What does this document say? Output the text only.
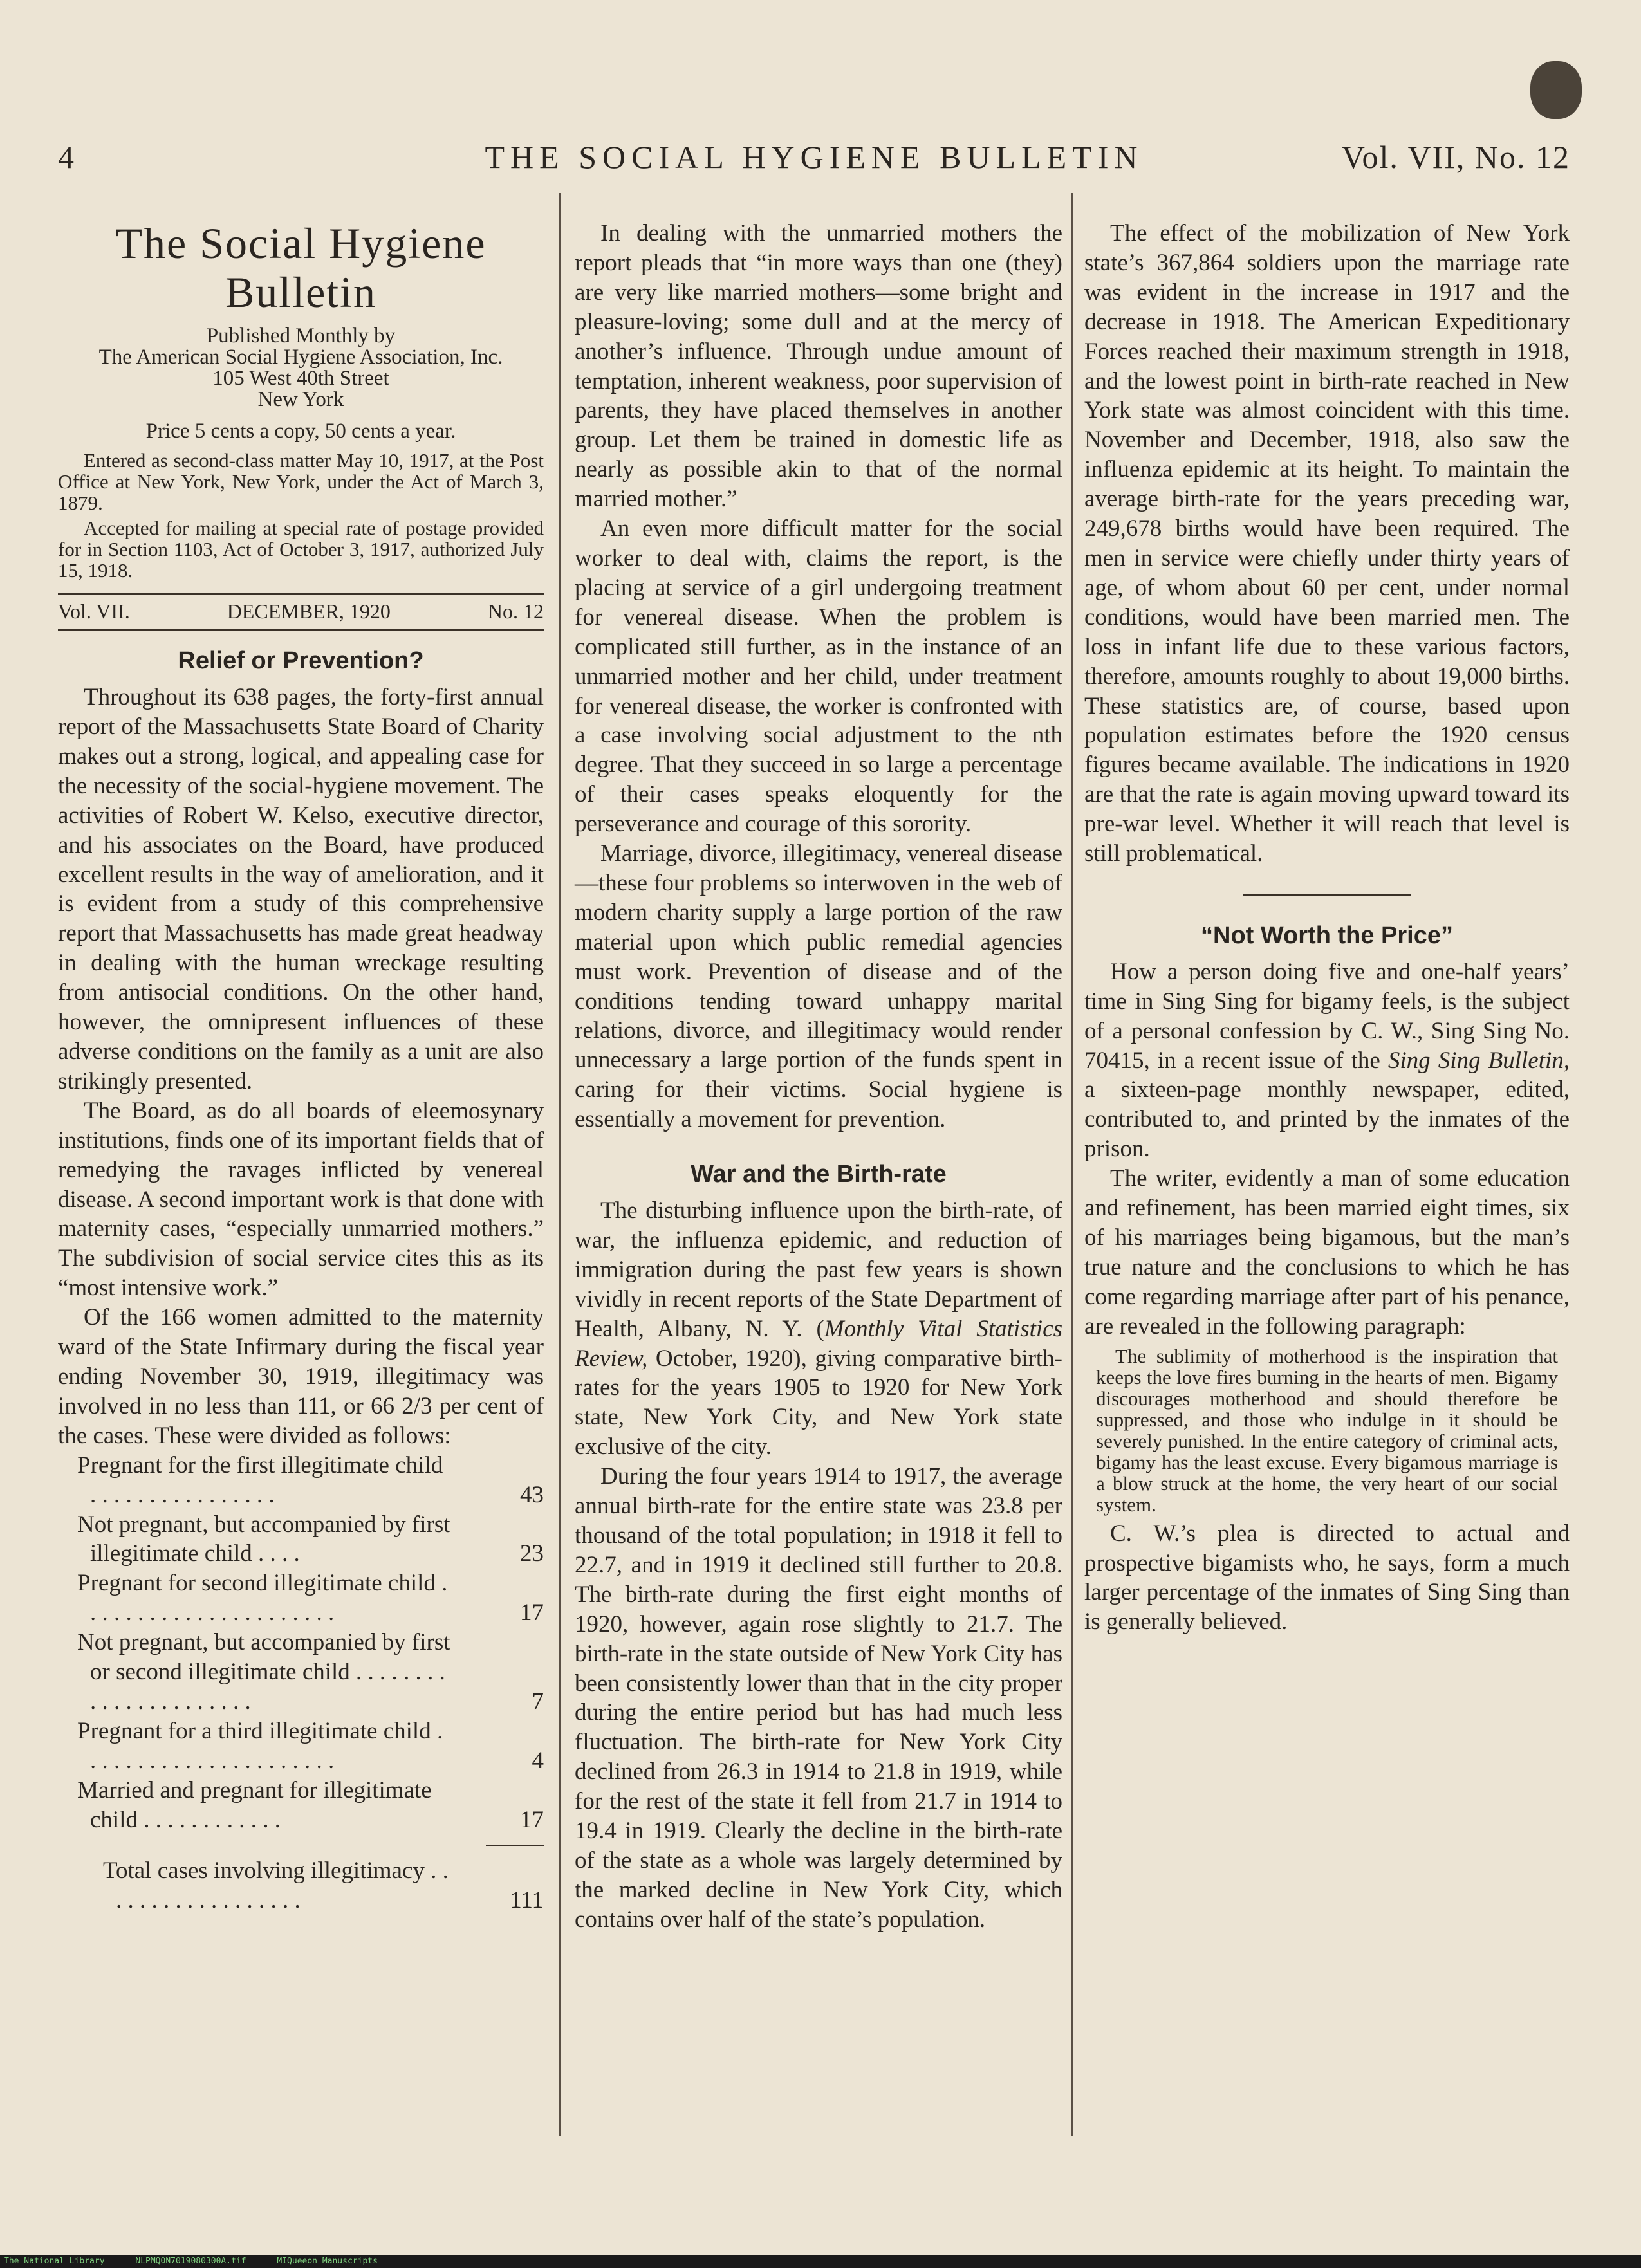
4	THE SOCIAL HYGIENE BULLETIN	Vol. VII, No. 12
The Social Hygiene
Bulletin
Published Monthly by
The American Social Hygiene Association, Inc.
105 West 40th Street
New York
Price 5 cents a copy, 50 cents a year.

Entered as second-class matter May 10, 1917, at the Post Office at New York, New York, under the Act of March 3, 1879.

Accepted for mailing at special rate of postage provided for in Section 1103, Act of October 3, 1917, authorized July 15, 1918.

Vol. VII.	DECEMBER, 1920	No. 12
Relief or Prevention?

Throughout its 638 pages, the forty-first annual report of the Massachusetts State Board of Charity makes out a strong, logical, and appealing case for the necessity of the social-hygiene movement. The activities of Robert W. Kelso, executive director, and his associates on the Board, have produced excellent results in the way of amelioration, and it is evident from a study of this comprehensive report that Massachusetts has made great headway in dealing with the human wreckage resulting from antisocial conditions. On the other hand, however, the omnipresent influences of these adverse conditions on the family as a unit are also strikingly presented.

The Board, as do all boards of eleemosynary institutions, finds one of its important fields that of remedying the ravages inflicted by venereal disease. A second important work is that done with maternity cases, “especially unmarried mothers.” The subdivision of social service cites this as its “most intensive work.”

Of the 166 women admitted to the maternity ward of the State Infirmary during the fiscal year ending November 30, 1919, illegitimacy was involved in no less than 111, or 66 2/3 per cent of the cases. These were divided as follows:

Pregnant for the first illegitimate child . . . . . . . . . . . . . . . .	43
Not pregnant, but accompanied by first illegitimate child . . . .	23
Pregnant for second illegitimate child . . . . . . . . . . . . . . . . . . . . . .	17
Not pregnant, but accompanied by first or second illegitimate child . . . . . . . . . . . . . . . . . . . . . .	7
Pregnant for a third illegitimate child . . . . . . . . . . . . . . . . . . . . . .	4
Married and pregnant for illegitimate child . . . . . . . . . . . .	17
Total cases involving illegitimacy . . . . . . . . . . . . . . . . . .	111

In dealing with the unmarried mothers the report pleads that “in more ways than one (they) are very like married mothers—some bright and pleasure-loving; some dull and at the mercy of another’s influence. Through undue amount of temptation, inherent weakness, poor supervision of parents, they have placed themselves in another group. Let them be trained in domestic life as nearly as possible akin to that of the normal married mother.”

An even more difficult matter for the social worker to deal with, claims the report, is the placing at service of a girl undergoing treatment for venereal disease. When the problem is complicated still further, as in the instance of an unmarried mother and her child, under treatment for venereal disease, the worker is confronted with a case involving social adjustment to the nth degree. That they succeed in so large a percentage of their cases speaks eloquently for the perseverance and courage of this sorority.

Marriage, divorce, illegitimacy, venereal disease—these four problems so interwoven in the web of modern charity supply a large portion of the raw material upon which public remedial agencies must work. Prevention of disease and of the conditions tending toward unhappy marital relations, divorce, and illegitimacy would render unnecessary a large portion of the funds spent in caring for their victims. Social hygiene is essentially a movement for prevention.

War and the Birth-rate

The disturbing influence upon the birth-rate, of war, the influenza epidemic, and reduction of immigration during the past few years is shown vividly in recent reports of the State Department of Health, Albany, N. Y. (Monthly Vital Statistics Review, October, 1920), giving comparative birth-rates for the years 1905 to 1920 for New York state, New York City, and New York state exclusive of the city.

During the four years 1914 to 1917, the average annual birth-rate for the entire state was 23.8 per thousand of the total population; in 1918 it fell to 22.7, and in 1919 it declined still further to 20.8. The birth-rate during the first eight months of 1920, however, again rose slightly to 21.7. The birth-rate in the state outside of New York City has been consistently lower than that in the city proper during the entire period but has had much less fluctuation. The birth-rate for New York City declined from 26.3 in 1914 to 21.8 in 1919, while for the rest of the state it fell from 21.7 in 1914 to 19.4 in 1919. Clearly the decline in the birth-rate of the state as a whole was largely determined by the marked decline in New York City, which contains over half of the state’s population.

The effect of the mobilization of New York state’s 367,864 soldiers upon the marriage rate was evident in the increase in 1917 and the decrease in 1918. The American Expeditionary Forces reached their maximum strength in 1918, and the lowest point in birth-rate reached in New York state was almost coincident with this time. November and December, 1918, also saw the influenza epidemic at its height. To maintain the average birth-rate for the years preceding war, 249,678 births would have been required. The men in service were chiefly under thirty years of age, of whom about 60 per cent, under normal conditions, would have been married men. The loss in infant life due to these various factors, therefore, amounts roughly to about 19,000 births. These statistics are, of course, based upon population estimates before the 1920 census figures became available. The indications in 1920 are that the rate is again moving upward toward its pre-war level. Whether it will reach that level is still problematical.

“Not Worth the Price”

How a person doing five and one-half years’ time in Sing Sing for bigamy feels, is the subject of a personal confession by C. W., Sing Sing No. 70415, in a recent issue of the Sing Sing Bulletin, a sixteen-page monthly newspaper, edited, contributed to, and printed by the inmates of the prison.

The writer, evidently a man of some education and refinement, has been married eight times, six of his marriages being bigamous, but the man’s true nature and the conclusions to which he has come regarding marriage after part of his penance, are revealed in the following paragraph:

The sublimity of motherhood is the inspiration that keeps the love fires burning in the hearts of men. Bigamy discourages motherhood and should therefore be suppressed, and those who indulge in it should be severely punished. In the entire category of criminal acts, bigamy has the least excuse. Every bigamous marriage is a blow struck at the home, the very heart of our social system.

C. W.’s plea is directed to actual and prospective bigamists who, he says, form a much larger percentage of the inmates of Sing Sing than is generally believed.

The National Library	NLPMQ0N7019080300A.tif	MIQueeon Manuscripts
